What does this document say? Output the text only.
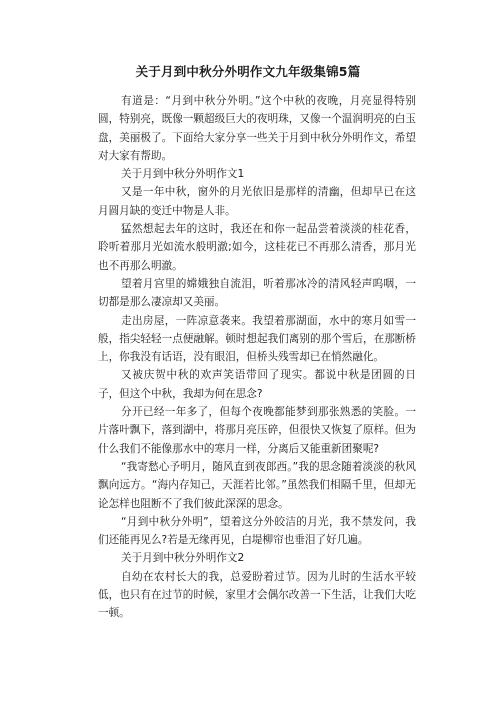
关于月到中秋分外明作文九年级集锦5篇

有道是：“月到中秋分外明。”这个中秋的夜晚，月亮显得特别圆，特别亮，既像一颗超级巨大的夜明珠，又像一个温润明亮的白玉盘，美丽极了。下面给大家分享一些关于月到中秋分外明作文，希望对大家有帮助。

关于月到中秋分外明作文1

又是一年中秋，窗外的月光依旧是那样的清幽，但却早已在这月圆月缺的变迁中物是人非。

猛然想起去年的这时，我还在和你一起品尝着淡淡的桂花香，聆听着那月光如流水般明澈;如今，这桂花已不再那么清香，那月光也不再那么明澈。

望着月宫里的嫦娥独自流泪，听着那冰冷的清风轻声呜咽，一切都是那么凄凉却又美丽。

走出房屋，一阵凉意袭来。我望着那湖面，水中的寒月如雪一般，指尖轻轻一点便融解。顿时想起我们离别的那个雪后，在那断桥上，你我没有话语，没有眼泪，但桥头残雪却已在悄然融化。

又被庆贺中秋的欢声笑语带回了现实。都说中秋是团圆的日子，但这个中秋，我却为何在思念?

分开已经一年多了，但每个夜晚都能梦到那张熟悉的笑脸。一片落叶飘下，落到湖中，将那月亮压碎，但很快又恢复了原样。但为什么我们不能像那水中的寒月一样，分离后又能重新团聚呢?

“我寄愁心予明月，随风直到夜郎西。”我的思念随着淡淡的秋风飘向远方。“海内存知己，天涯若比邻。”虽然我们相隔千里，但却无论怎样也阻断不了我们彼此深深的思念。

“月到中秋分外明”，望着这分外皎洁的月光，我不禁发问，我们还能再见么?若是无缘再见，白堤柳帘也垂泪了好几遍。

关于月到中秋分外明作文2

自幼在农村长大的我，总爱盼着过节。因为儿时的生活水平较低，也只有在过节的时候，家里才会偶尔改善一下生活，让我们大吃一顿。
